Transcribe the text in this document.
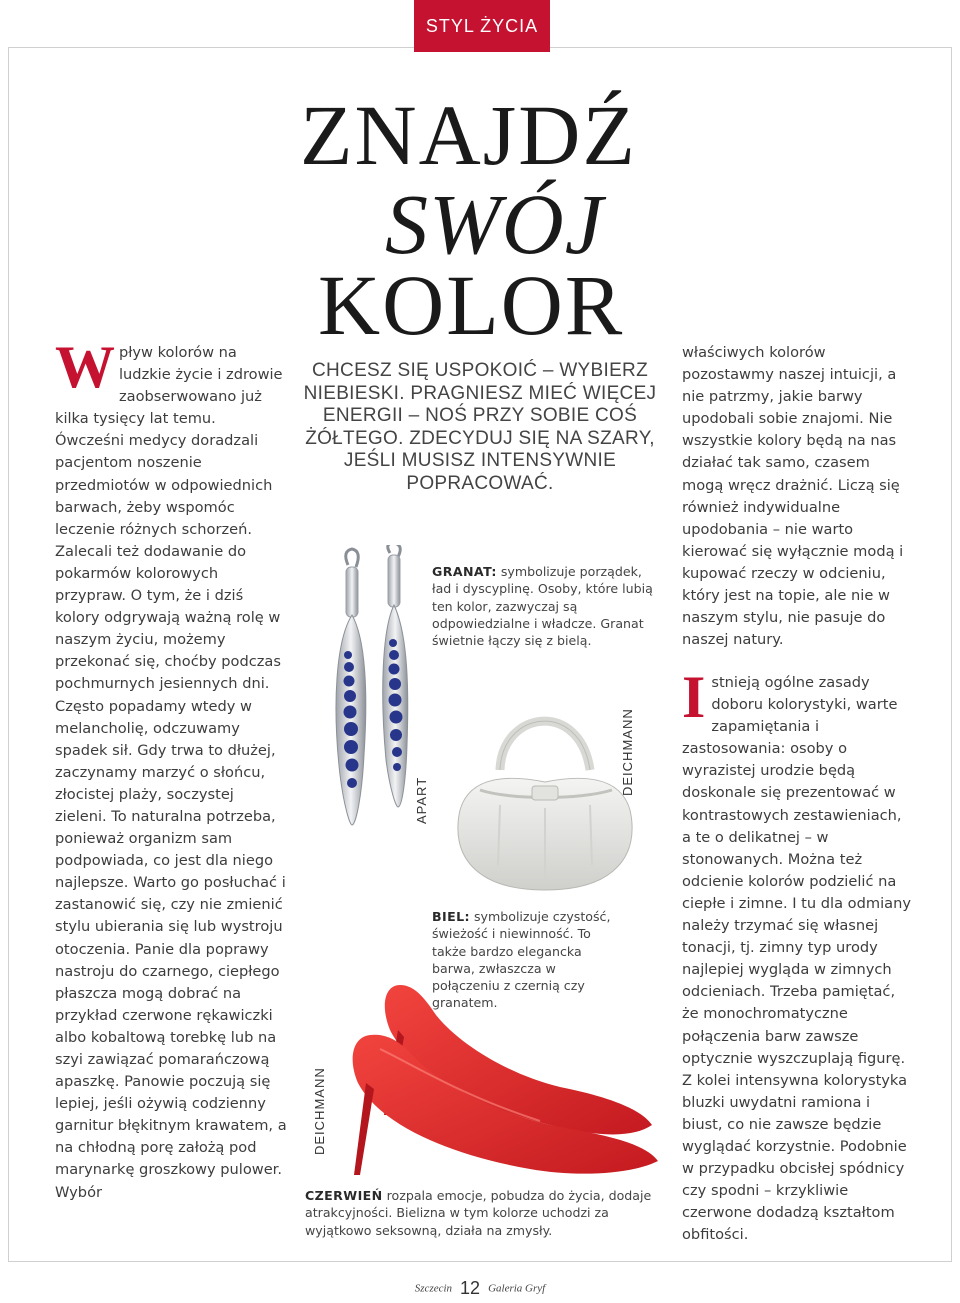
STYL ŻYCIA
ZNAJDŹ
SWÓJ
KOLOR
CHCESZ SIĘ USPOKOIĆ – WYBIERZ NIEBIESKI. PRAGNIESZ MIEĆ WIĘCEJ ENERGII – NOŚ PRZY SOBIE COŚ ŻÓŁTEGO. ZDECYDUJ SIĘ NA SZARY, JEŚLI MUSISZ INTENSYWNIE POPRACOWAĆ.
Wpływ kolorów na ludzkie życie i zdrowie zaobserwowano już kilka tysięcy lat temu. Ówcześni medycy doradzali pacjentom noszenie przedmiotów w odpowiednich barwach, żeby wspomóc leczenie różnych schorzeń. Zalecali też dodawanie do pokarmów kolorowych przypraw. O tym, że i dziś kolory odgrywają ważną rolę w naszym życiu, możemy przekonać się, choćby podczas pochmurnych jesiennych dni. Często popadamy wtedy w melancholię, odczuwamy spadek sił. Gdy trwa to dłużej, zaczynamy marzyć o słońcu, złocistej plaży, soczystej zieleni. To naturalna potrzeba, ponieważ organizm sam podpowiada, co jest dla niego najlepsze. Warto go posłuchać i zastanowić się, czy nie zmienić stylu ubierania się lub wystroju otoczenia. Panie dla poprawy nastroju do czarnego, ciepłego płaszcza mogą dobrać na przykład czerwone rękawiczki albo kobaltową torebkę lub na szyi zawiązać pomarańczową apaszkę. Panowie poczują się lepiej, jeśli ożywią codzienny garnitur błękitnym krawatem, a na chłodną porę założą pod marynarkę groszkowy pulower. Wybór
właściwych kolorów pozostawmy naszej intuicji, a nie patrzmy, jakie barwy upodobali sobie znajomi. Nie wszystkie kolory będą na nas działać tak samo, czasem mogą wręcz drażnić. Liczą się również indywidualne upodobania – nie warto kierować się wyłącznie modą i kupować rzeczy w odcieniu, który jest na topie, ale nie w naszym stylu, nie pasuje do naszej natury.
Istnieją ogólne zasady doboru kolorystyki, warte zapamiętania i zastosowania: osoby o wyrazistej urodzie będą doskonale się prezentować w kontrastowych zestawieniach, a te o delikatnej – w stonowanych. Można też odcienie kolorów podzielić na ciepłe i zimne. I tu dla odmiany należy trzymać się własnej tonacji, tj. zimny typ urody najlepiej wygląda w zimnych odcieniach. Trzeba pamiętać, że monochromatyczne połączenia barw zawsze optycznie wyszczuplają figurę. Z kolei intensywna kolorystyka bluzki uwydatni ramiona i biust, co nie zawsze będzie wyglądać korzystnie. Podobnie w przypadku obcisłej spódnicy czy spodni – krzykliwie czerwone dodadzą kształtom obfitości.
GRANAT: symbolizuje porządek, ład i dyscyplinę. Osoby, które lubią ten kolor, zazwyczaj są odpowiedzialne i władcze. Granat świetnie łączy się z bielą.
BIEL: symbolizuje czystość, świeżość i niewinność. To także bardzo elegancka barwa, zwłaszcza w połączeniu z czernią czy granatem.
CZERWIEŃ rozpala emocje, pobudza do życia, dodaje atrakcyjności. Bielizna w tym kolorze uchodzi za wyjątkowo seksowną, działa na zmysły.
APART
DEICHMANN
DEICHMANN
Szczecin 12 Galeria Gryf
